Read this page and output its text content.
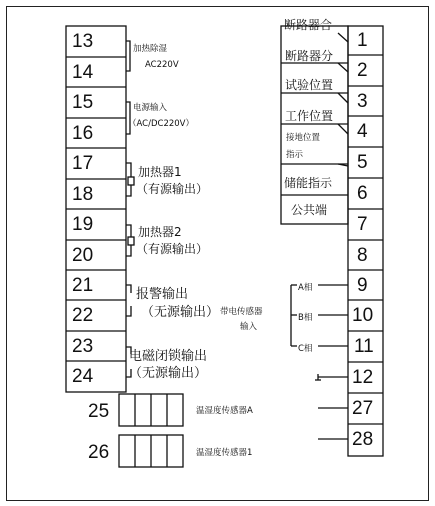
13
14
15
16
17
18
19
20
21
22
23
24
1
2
3
4
5
6
7
8
9
10
11
12
27
28
25
26
加热除湿
AC220V
电源输入
（AC/DC220V）
加热器1
（有源输出）
加热器2
（有源输出）
报警输出
（无源输出）
电磁闭锁输出
（无源输出）
带电传感器
输入
A相
B相
C相
断路器合
断路器分
试验位置
工作位置
接地位置
指示
储能指示
公共端
温湿度传感器A
温湿度传感器1
